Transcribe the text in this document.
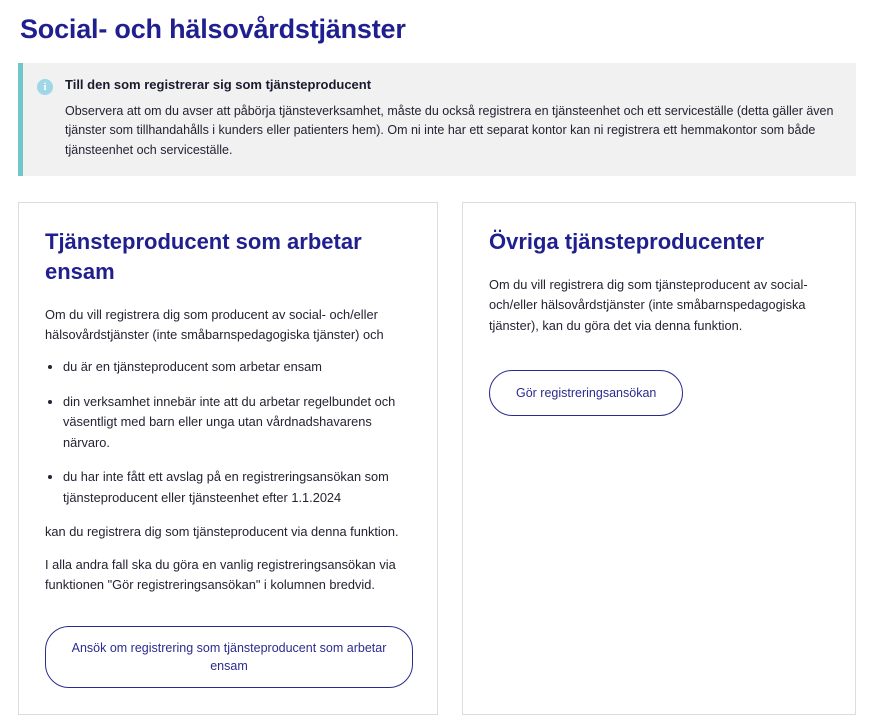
Social- och hälsovårdstjänster
i	Till den som registrerar sig som tjänsteproducent
Observera att om du avser att påbörja tjänsteverksamhet, måste du också registrera en tjänsteenhet och ett serviceställe (detta gäller även tjänster som tillhandahålls i kunders eller patienters hem). Om ni inte har ett separat kontor kan ni registrera ett hemmakontor som både tjänsteenhet och serviceställe.
Tjänsteproducent som arbetar ensam

Om du vill registrera dig som producent av social- och/eller hälsovårdstjänster (inte småbarnspedagogiska tjänster) och

• du är en tjänsteproducent som arbetar ensam
• din verksamhet innebär inte att du arbetar regelbundet och väsentligt med barn eller unga utan vårdnadshavarens närvaro.
• du har inte fått ett avslag på en registreringsansökan som tjänsteproducent eller tjänsteenhet efter 1.1.2024

kan du registrera dig som tjänsteproducent via denna funktion.

I alla andra fall ska du göra en vanlig registreringsansökan via funktionen "Gör registreringsansökan" i kolumnen bredvid.

Ansök om registrering som tjänsteproducent som arbetar ensam
Övriga tjänsteproducenter

Om du vill registrera dig som tjänsteproducent av social- och/eller hälsovårdstjänster (inte småbarnspedagogiska tjänster), kan du göra det via denna funktion.

Gör registreringsansökan
